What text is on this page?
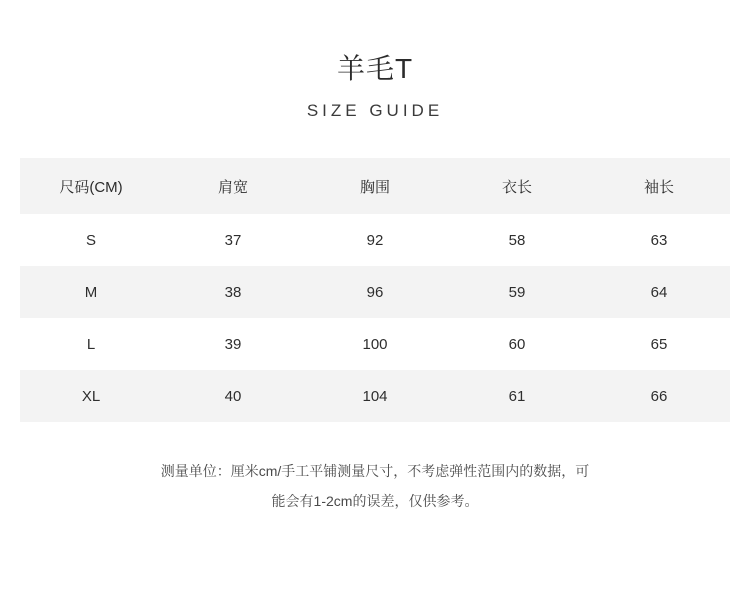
羊毛T
SIZE GUIDE
尺码(CM)	肩宽	胸围	衣长	袖长
S	37	92	58	63
M	38	96	59	64
L	39	100	60	65
XL	40	104	61	66
测量单位：厘米cm/手工平铺测量尺寸，不考虑弹性范围内的数据，可
能会有1-2cm的误差，仅供参考。
